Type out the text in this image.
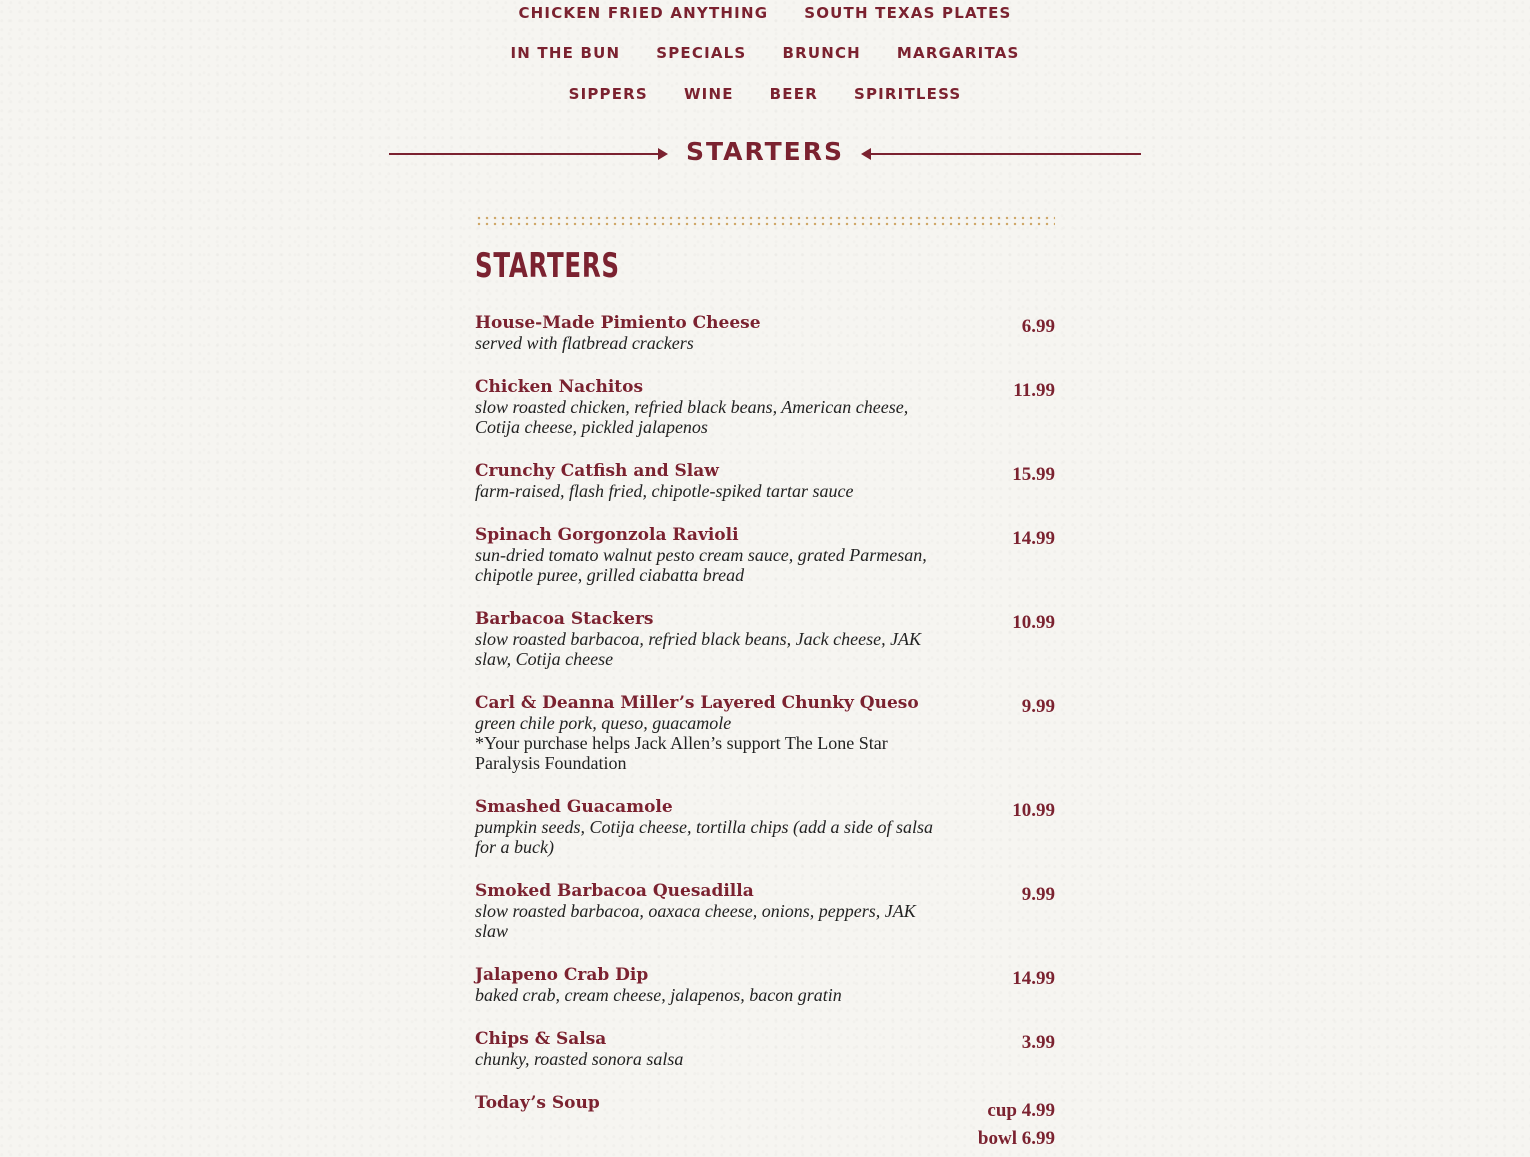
CHICKEN FRIED ANYTHING SOUTH TEXAS PLATES
IN THE BUN SPECIALS BRUNCH MARGARITAS
SIPPERS WINE BEER SPIRITLESS
STARTERS
STARTERS
House-Made Pimiento Cheese
served with flatbread crackers
6.99
Chicken Nachitos
slow roasted chicken, refried black beans, American cheese, Cotija cheese, pickled jalapenos
11.99
Crunchy Catfish and Slaw
farm-raised, flash fried, chipotle-spiked tartar sauce
15.99
Spinach Gorgonzola Ravioli
sun-dried tomato walnut pesto cream sauce, grated Parmesan, chipotle puree, grilled ciabatta bread
14.99
Barbacoa Stackers
slow roasted barbacoa, refried black beans, Jack cheese, JAK slaw, Cotija cheese
10.99
Carl & Deanna Miller’s Layered Chunky Queso
green chile pork, queso, guacamole
*Your purchase helps Jack Allen’s support The Lone Star Paralysis Foundation
9.99
Smashed Guacamole
pumpkin seeds, Cotija cheese, tortilla chips (add a side of salsa for a buck)
10.99
Smoked Barbacoa Quesadilla
slow roasted barbacoa, oaxaca cheese, onions, peppers, JAK slaw
9.99
Jalapeno Crab Dip
baked crab, cream cheese, jalapenos, bacon gratin
14.99
Chips & Salsa
chunky, roasted sonora salsa
3.99
Today’s Soup	cup 4.99
bowl 6.99
